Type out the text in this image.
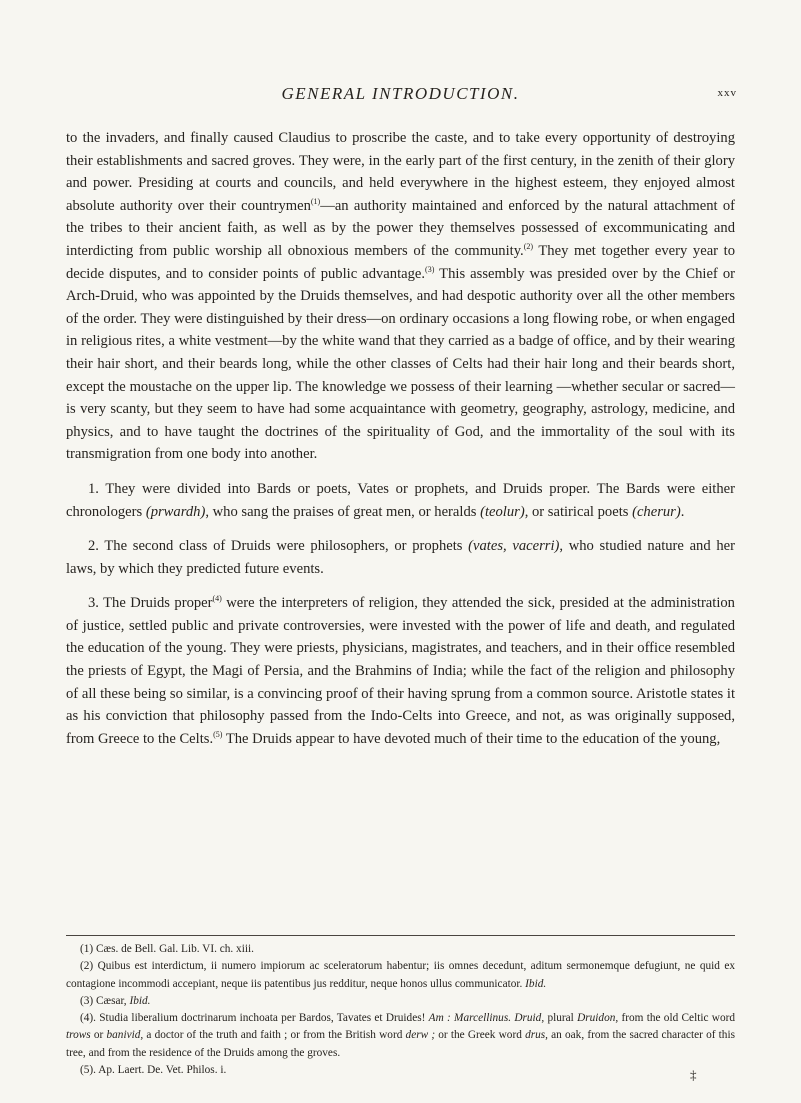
GENERAL INTRODUCTION.	xxv

to the invaders, and finally caused Claudius to proscribe the caste, and to take every opportunity of destroying their establishments and sacred groves. They were, in the early part of the first century, in the zenith of their glory and power. Presiding at courts and councils, and held everywhere in the highest esteem, they enjoyed almost absolute authority over their countrymen$^{(1)}$—an authority maintained and enforced by the natural attachment of the tribes to their ancient faith, as well as by the power they themselves possessed of excommunicating and interdicting from public worship all obnoxious members of the community.$^{(2)}$ They met together every year to decide disputes, and to consider points of public advantage.$^{(3)}$ This assembly was presided over by the Chief or Arch-Druid, who was appointed by the Druids themselves, and had despotic authority over all the other members of the order. They were distinguished by their dress—on ordinary occasions a long flowing robe, or when engaged in religious rites, a white vestment—by the white wand that they carried as a badge of office, and by their wearing their hair short, and their beards long, while the other classes of Celts had their hair long and their beards short, except the moustache on the upper lip. The knowledge we possess of their learning —whether secular or sacred—is very scanty, but they seem to have had some acquaintance with geometry, geography, astrology, medicine, and physics, and to have taught the doctrines of the spirituality of God, and the immortality of the soul with its transmigration from one body into another.

1. They were divided into Bards or poets, Vates or prophets, and Druids proper. The Bards were either chronologers (prwardh), who sang the praises of great men, or heralds (teolur), or satirical poets (cherur).

2. The second class of Druids were philosophers, or prophets (vates, vacerri), who studied nature and her laws, by which they predicted future events.

3. The Druids proper$^{(4)}$ were the interpreters of religion, they attended the sick, presided at the administration of justice, settled public and private controversies, were invested with the power of life and death, and regulated the education of the young. They were priests, physicians, magistrates, and teachers, and in their office resembled the priests of Egypt, the Magi of Persia, and the Brahmins of India; while the fact of the religion and philosophy of all these being so similar, is a convincing proof of their having sprung from a common source. Aristotle states it as his conviction that philosophy passed from the Indo-Celts into Greece, and not, as was originally supposed, from Greece to the Celts.$^{(5)}$ The Druids appear to have devoted much of their time to the education of the young,

(1) Cæs. de Bell. Gal. Lib. VI. ch. xiii.

(2) Quibus est interdictum, ii numero impiorum ac sceleratorum habentur; iis omnes decedunt, aditum sermonemque defugiunt, ne quid ex contagione incommodi accepiant, neque iis patentibus jus redditur, neque honos ullus communicator. Ibid.

(3) Cæsar, Ibid.

(4). Studia liberalium doctrinarum inchoata per Bardos, Tavates et Druides! Am : Marcellinus. Druid, plural Druidon, from the old Celtic word trows or banivid, a doctor of the truth and faith ; or from the British word derw ; or the Greek word drus, an oak, from the sacred character of this tree, and from the residence of the Druids among the groves.

(5). Ap. Laert. De. Vet. Philos. i.	‡
